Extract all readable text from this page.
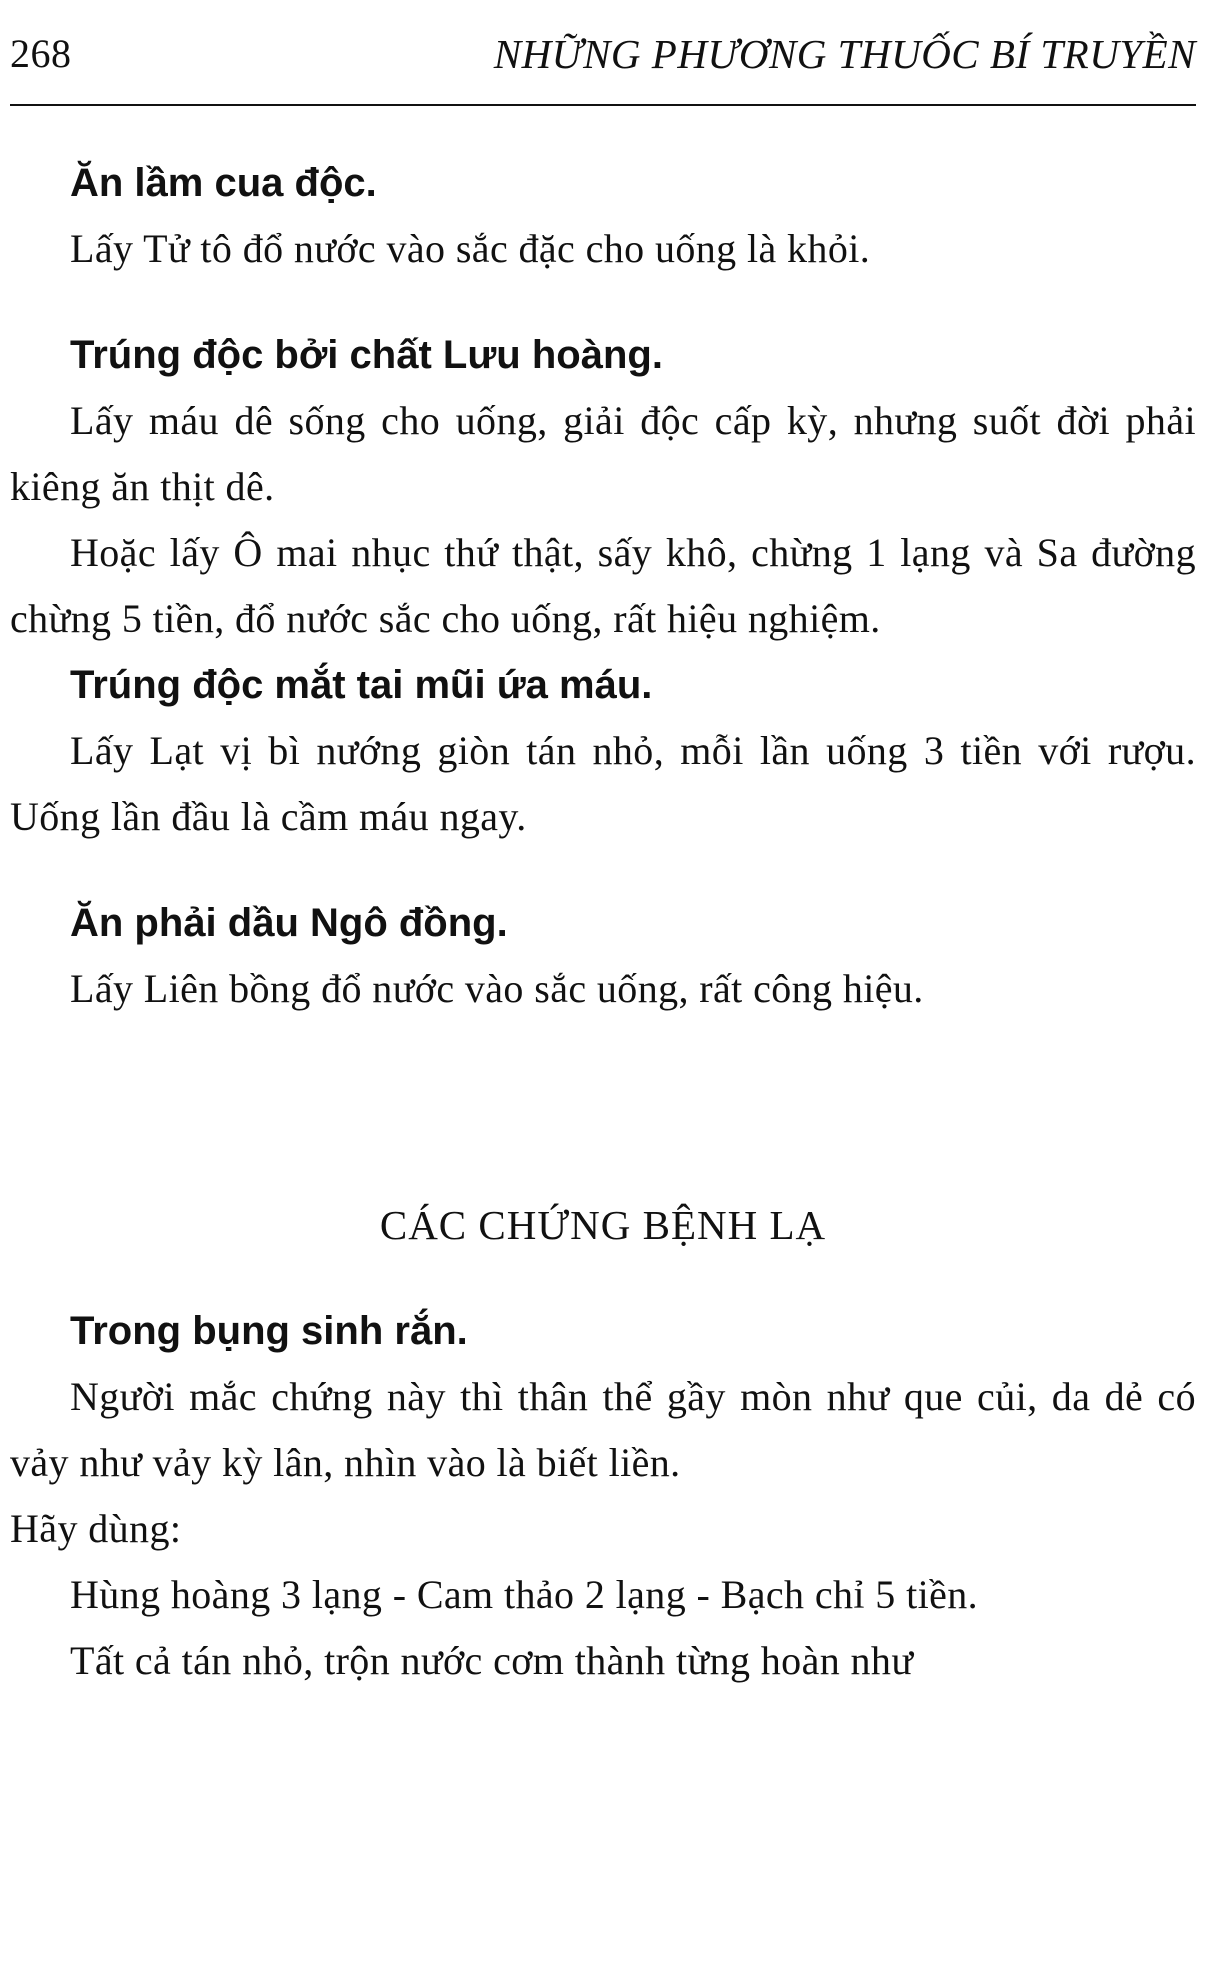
268	NHỮNG PHƯƠNG THUỐC BÍ TRUYỀN

Ăn lầm cua độc.

Lấy Tử tô đổ nước vào sắc đặc cho uống là khỏi.

Trúng độc bởi chất Lưu hoàng.

Lấy máu dê sống cho uống, giải độc cấp kỳ, nhưng suốt đời phải kiêng ăn thịt dê.

Hoặc lấy Ô mai nhục thứ thật, sấy khô, chừng 1 lạng và Sa đường chừng 5 tiền, đổ nước sắc cho uống, rất hiệu nghiệm.

Trúng độc mắt tai mũi ứa máu.

Lấy Lạt vị bì nướng giòn tán nhỏ, mỗi lần uống 3 tiền với rượu. Uống lần đầu là cầm máu ngay.

Ăn phải dầu Ngô đồng.

Lấy Liên bồng đổ nước vào sắc uống, rất công hiệu.

CÁC CHỨNG BỆNH LẠ

Trong bụng sinh rắn.

Người mắc chứng này thì thân thể gầy mòn như que củi, da dẻ có vảy như vảy kỳ lân, nhìn vào là biết liền.

Hãy dùng:

Hùng hoàng 3 lạng - Cam thảo 2 lạng - Bạch chỉ 5 tiền.

Tất cả tán nhỏ, trộn nước cơm thành từng hoàn như
